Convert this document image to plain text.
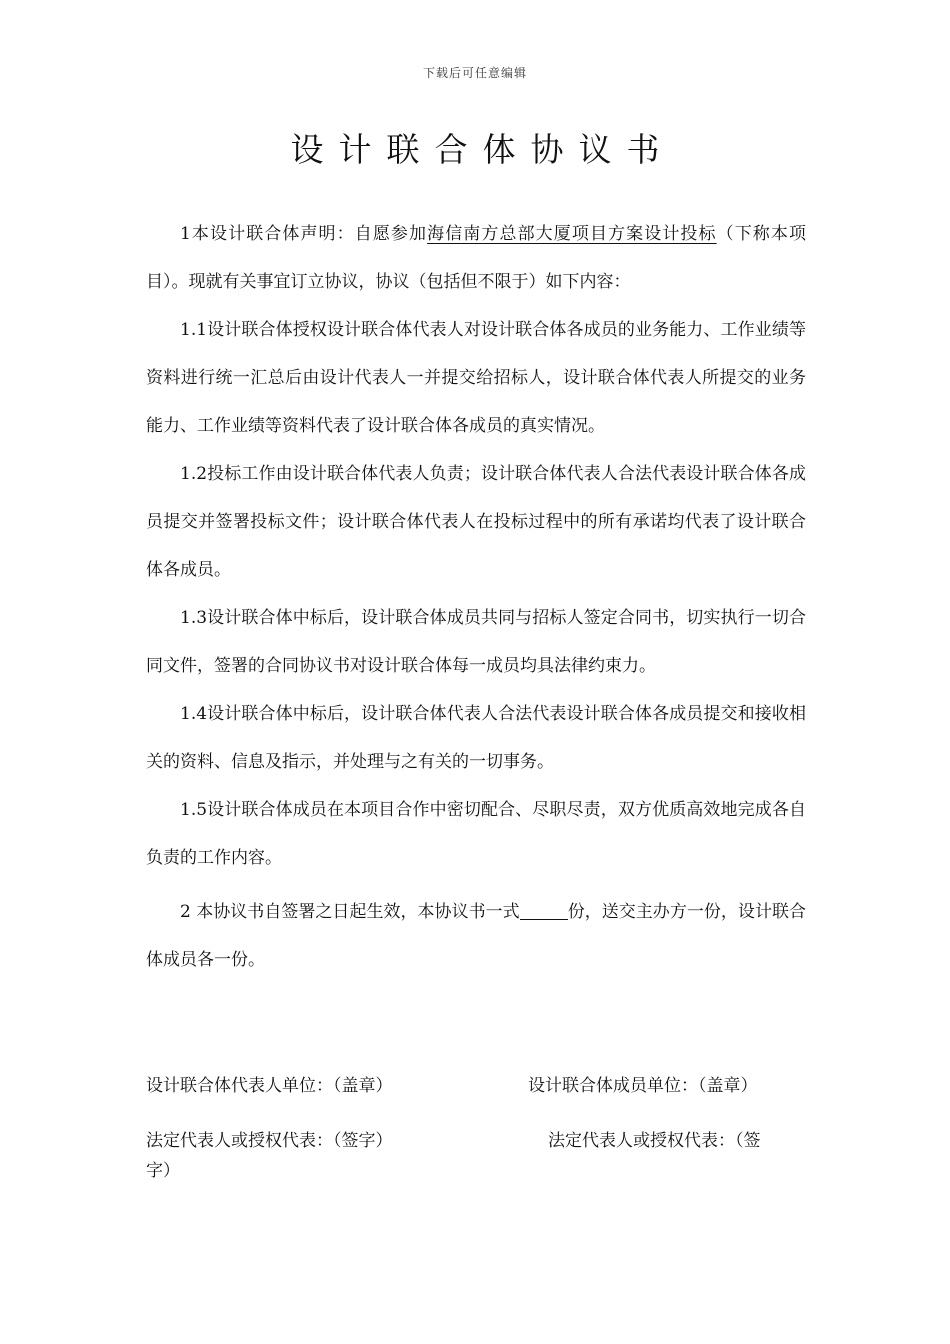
下载后可任意编辑
设计联合体协议书

1本设计联合体声明：自愿参加海信南方总部大厦项目方案设计投标（下称本项目）。现就有关事宜订立协议，协议（包括但不限于）如下内容：

1.1设计联合体授权设计联合体代表人对设计联合体各成员的业务能力、工作业绩等资料进行统一汇总后由设计代表人一并提交给招标人，设计联合体代表人所提交的业务能力、工作业绩等资料代表了设计联合体各成员的真实情况。

1.2投标工作由设计联合体代表人负责；设计联合体代表人合法代表设计联合体各成员提交并签署投标文件；设计联合体代表人在投标过程中的所有承诺均代表了设计联合体各成员。

1.3设计联合体中标后，设计联合体成员共同与招标人签定合同书，切实执行一切合同文件，签署的合同协议书对设计联合体每一成员均具法律约束力。

1.4设计联合体中标后，设计联合体代表人合法代表设计联合体各成员提交和接收相关的资料、信息及指示，并处理与之有关的一切事务。

1.5设计联合体成员在本项目合作中密切配合、尽职尽责，双方优质高效地完成各自负责的工作内容。

2 本协议书自签署之日起生效，本协议书一式	份，送交主办方一份，设计联合体成员各一份。

设计联合体代表人单位：（盖章）	设计联合体成员单位：（盖章）
法定代表人或授权代表：（签字）	法定代表人或授权代表：（签
字）
